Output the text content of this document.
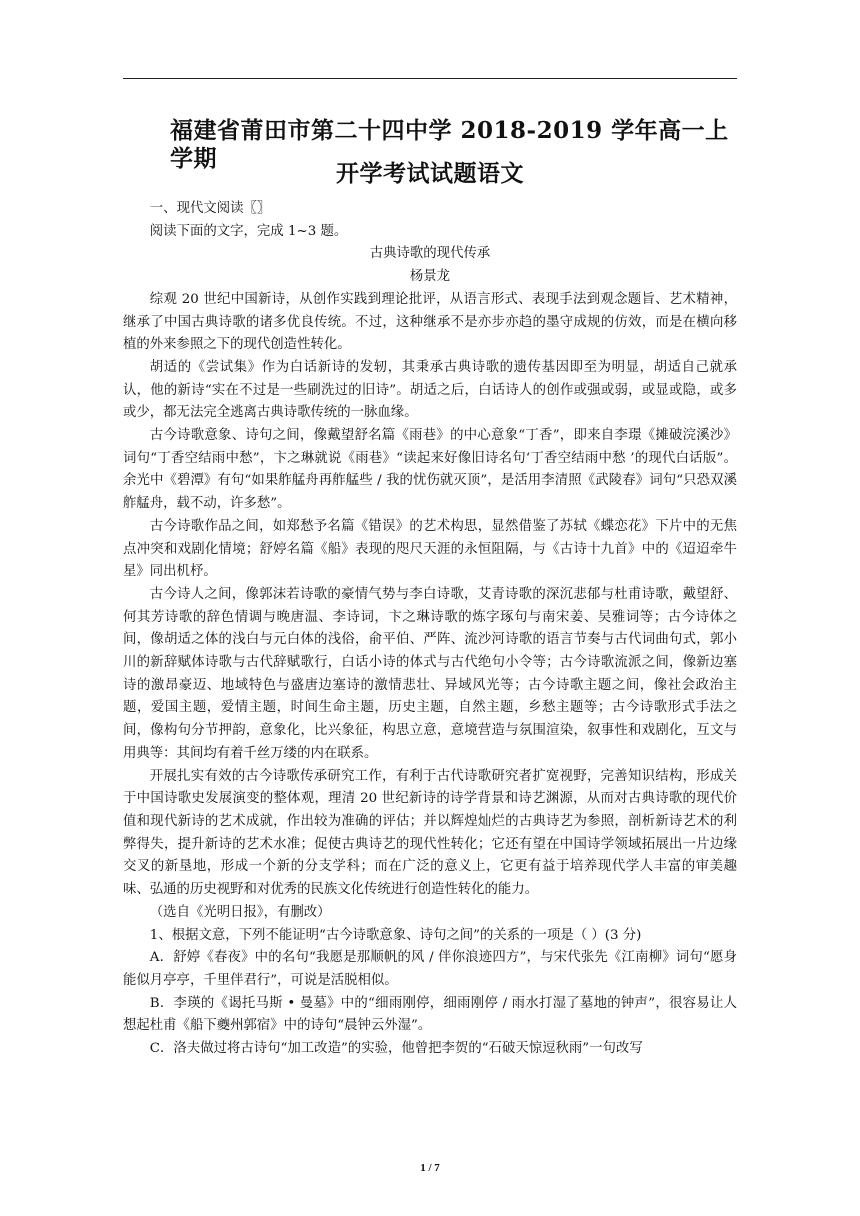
福建省莆田市第二十四中学 2018-2019 学年高一上学期
开学考试试题语文

一、现代文阅读〖〗

阅读下面的文字，完成 1~3 题。

古典诗歌的现代传承

杨景龙

综观 20 世纪中国新诗，从创作实践到理论批评，从语言形式、表现手法到观念题旨、艺术精神，继承了中国古典诗歌的诸多优良传统。不过，这种继承不是亦步亦趋的墨守成规的仿效，而是在横向移植的外来参照之下的现代创造性转化。

胡适的《尝试集》作为白话新诗的发轫，其秉承古典诗歌的遗传基因即至为明显，胡适自己就承认，他的新诗“实在不过是一些刷洗过的旧诗”。胡适之后，白话诗人的创作或强或弱，或显或隐，或多或少，都无法完全逃离古典诗歌传统的一脉血缘。

古今诗歌意象、诗句之间，像戴望舒名篇《雨巷》的中心意象“丁香”，即来自李璟《摊破浣溪沙》词句“丁香空结雨中愁”，卞之琳就说《雨巷》“读起来好像旧诗名句‘丁香空结雨中愁 ’的现代白话版”。余光中《碧潭》有句“如果舴艋舟再舴艋些 / 我的忧伤就灭顶”，是活用李清照《武陵春》词句“只恐双溪舴艋舟，载不动，许多愁”。

古今诗歌作品之间，如郑愁予名篇《错误》的艺术构思，显然借鉴了苏轼《蝶恋花》下片中的无焦点冲突和戏剧化情境；舒婷名篇《船》表现的咫尺天涯的永恒阻隔，与《古诗十九首》中的《迢迢牵牛星》同出机杼。

古今诗人之间，像郭沫若诗歌的豪情气势与李白诗歌，艾青诗歌的深沉悲郁与杜甫诗歌，戴望舒、何其芳诗歌的辞色情调与晚唐温、李诗词，卞之琳诗歌的炼字琢句与南宋姜、吴雅词等；古今诗体之间，像胡适之体的浅白与元白体的浅俗，俞平伯、严阵、流沙河诗歌的语言节奏与古代词曲句式，郭小川的新辞赋体诗歌与古代辞赋歌行，白话小诗的体式与古代绝句小令等；古今诗歌流派之间，像新边塞诗的激昂豪迈、地域特色与盛唐边塞诗的激情悲壮、异域风光等；古今诗歌主题之间，像社会政治主题，爱国主题，爱情主题，时间生命主题，历史主题，自然主题，乡愁主题等；古今诗歌形式手法之间，像构句分节押韵，意象化，比兴象征，构思立意，意境营造与氛围渲染，叙事性和戏剧化，互文与用典等：其间均有着千丝万缕的内在联系。

开展扎实有效的古今诗歌传承研究工作，有利于古代诗歌研究者扩宽视野，完善知识结构，形成关于中国诗歌史发展演变的整体观，理清 20 世纪新诗的诗学背景和诗艺渊源，从而对古典诗歌的现代价值和现代新诗的艺术成就，作出较为准确的评估；并以辉煌灿烂的古典诗艺为参照，剖析新诗艺术的利弊得失，提升新诗的艺术水准；促使古典诗艺的现代性转化；它还有望在中国诗学领域拓展出一片边缘交叉的新垦地，形成一个新的分支学科；而在广泛的意义上，它更有益于培养现代学人丰富的审美趣味、弘通的历史视野和对优秀的民族文化传统进行创造性转化的能力。

（选自《光明日报》，有删改）

1、根据文意，下列不能证明“古今诗歌意象、诗句之间”的关系的一项是（ ）(3 分)

A．舒婷《春夜》中的名句“我愿是那顺帆的风 / 伴你浪迹四方”，与宋代张先《江南柳》词句“愿身能似月亭亭，千里伴君行”，可说是活脱相似。

B．李瑛的《谒托马斯 • 曼墓》中的“细雨刚停，细雨刚停 / 雨水打湿了墓地的钟声”，很容易让人想起杜甫《船下夔州郭宿》中的诗句“晨钟云外湿”。

C．洛夫做过将古诗句“加工改造”的实验，他曾把李贺的“石破天惊逗秋雨”一句改写

1 / 7
